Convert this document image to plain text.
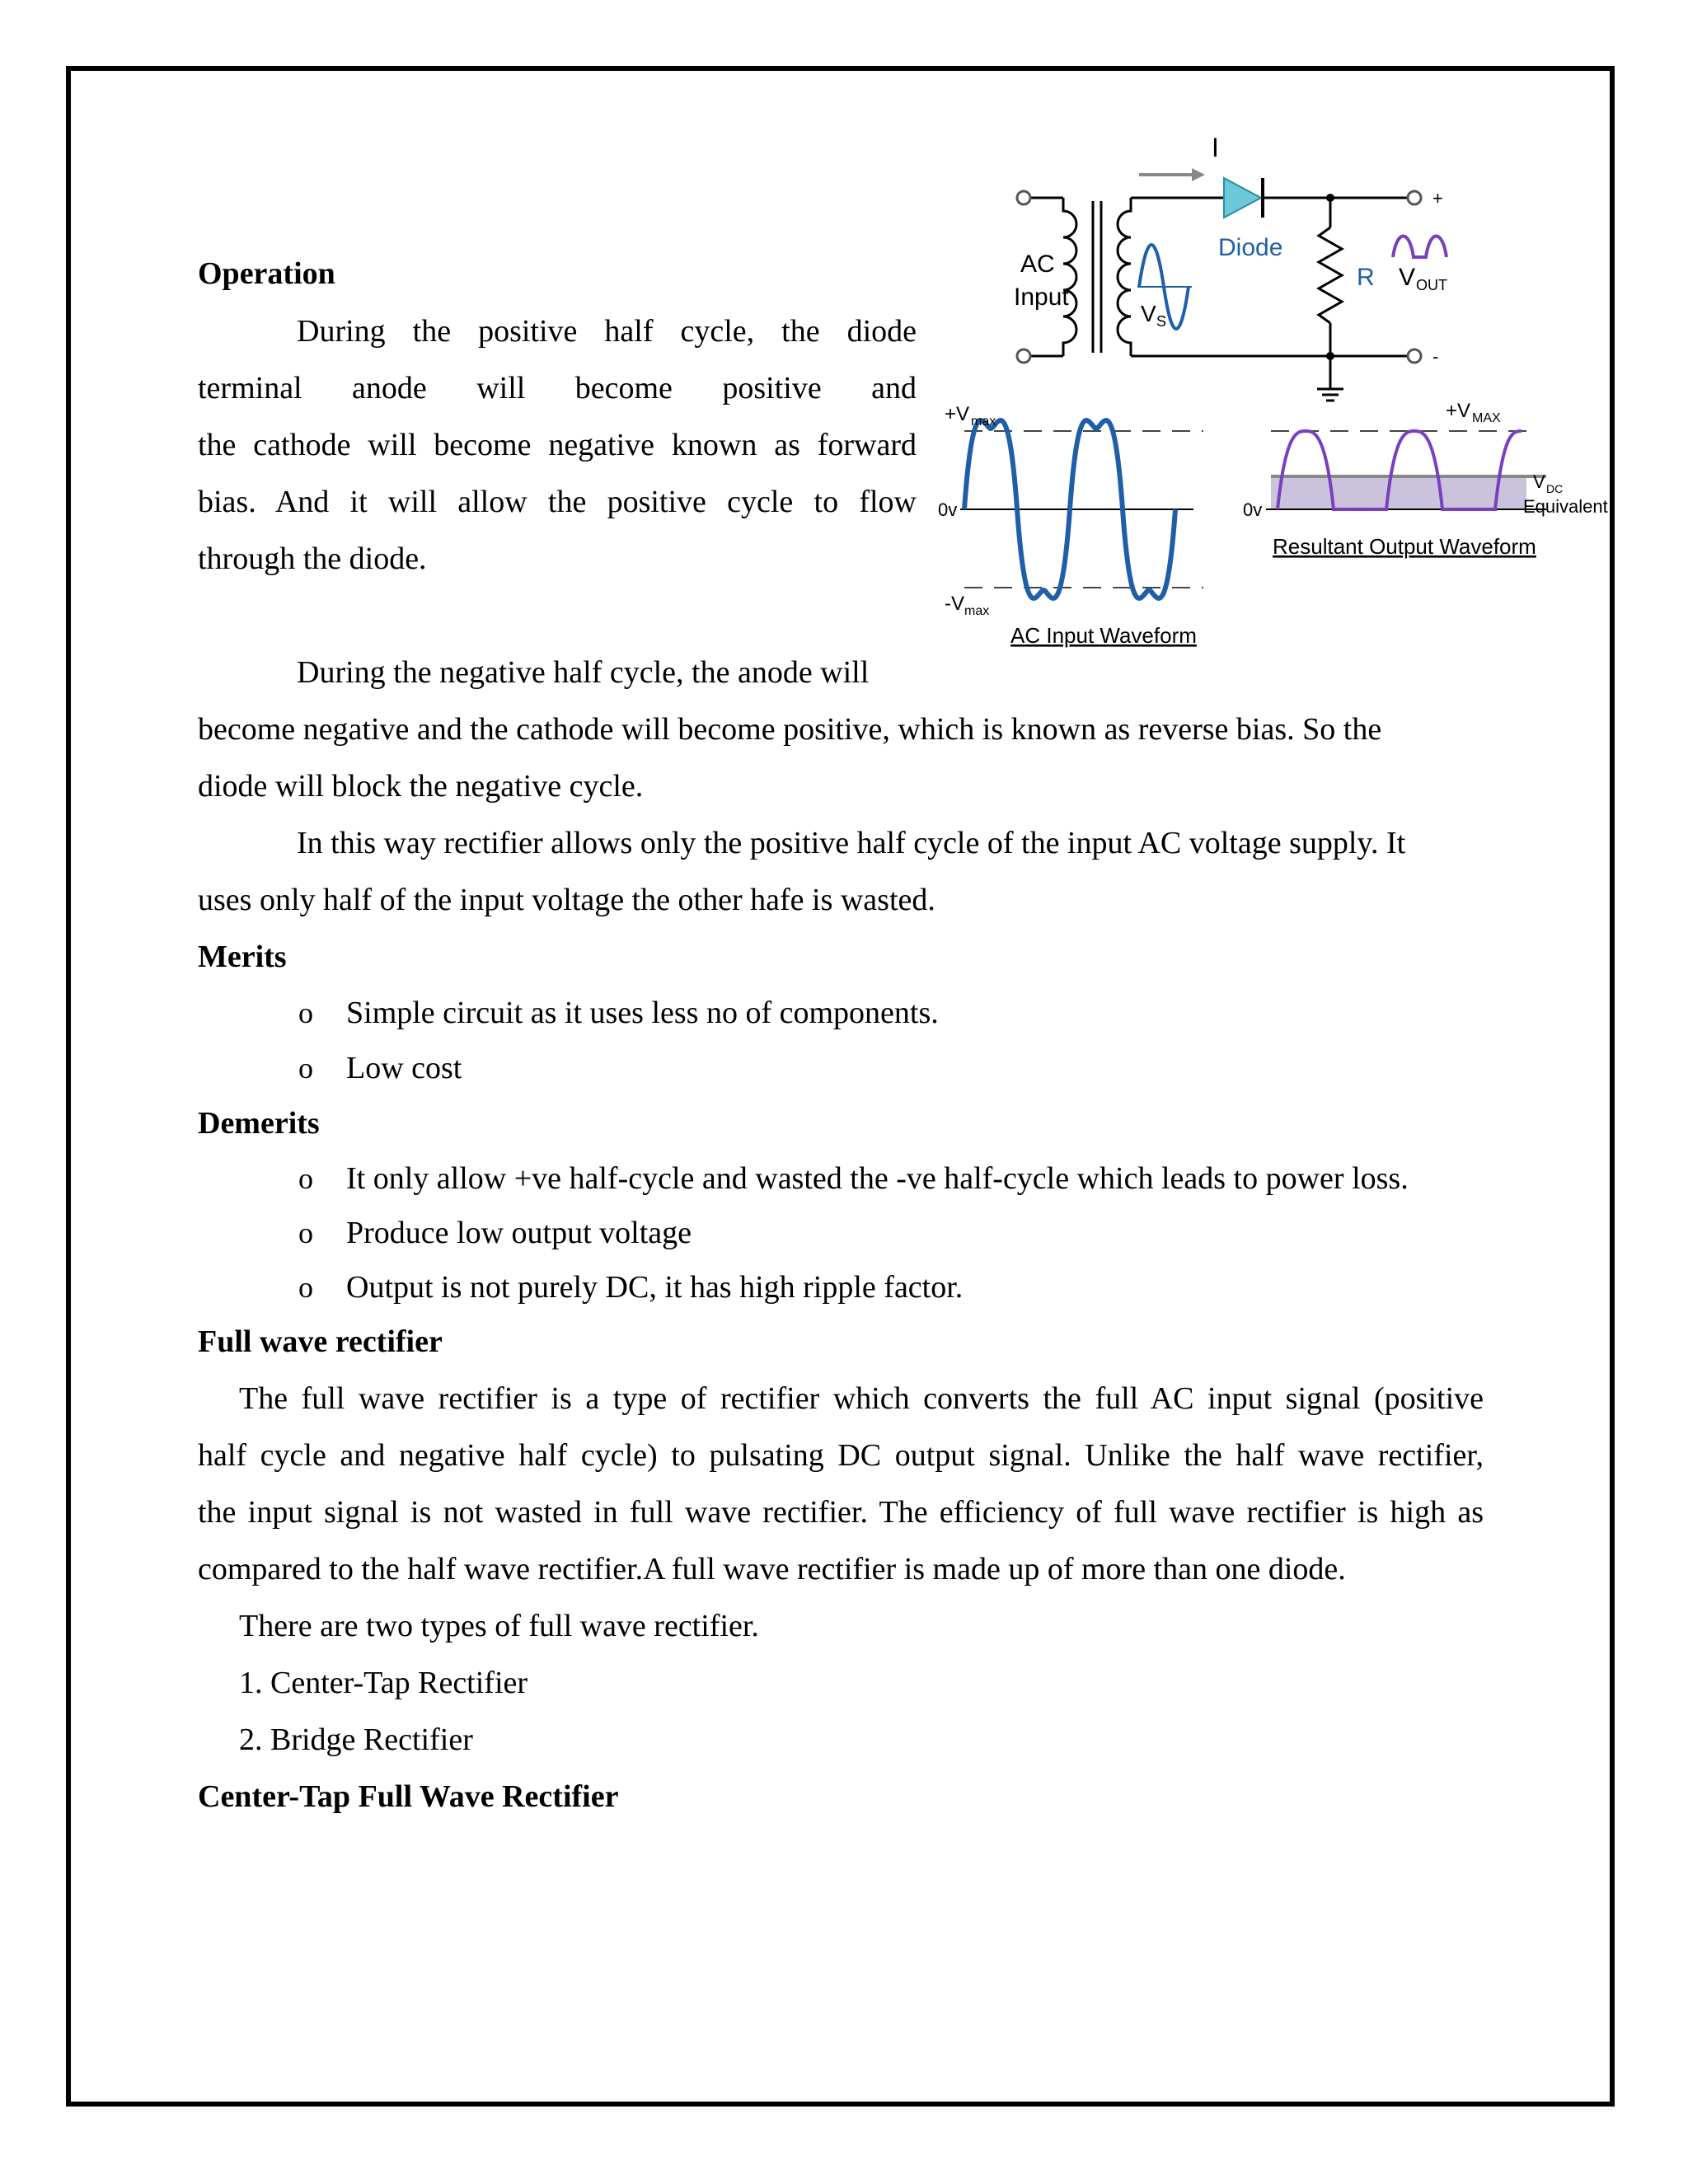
Operation
During the positive half cycle, the diode
terminal anode will become positive and
the cathode will become negative known as forward
bias. And it will allow the positive cycle to flow
through the diode.
During the negative half cycle, the anode will
become negative and the cathode will become positive, which is known as reverse bias. So the
diode will block the negative cycle.
In this way rectifier allows only the positive half cycle of the input AC voltage supply. It
uses only half of the input voltage the other hafe is wasted.
Merits
o Simple circuit as it uses less no of components.
o Low cost
Demerits
o It only allow +ve half-cycle and wasted the -ve half-cycle which leads to power loss.
o Produce low output voltage
o Output is not purely DC, it has high ripple factor.
Full wave rectifier
The full wave rectifier is a type of rectifier which converts the full AC input signal (positive
half cycle and negative half cycle) to pulsating DC output signal. Unlike the half wave rectifier,
the input signal is not wasted in full wave rectifier. The efficiency of full wave rectifier is high as
compared to the half wave rectifier.A full wave rectifier is made up of more than one diode.
There are two types of full wave rectifier.
1. Center-Tap Rectifier
2. Bridge Rectifier
Center-Tap Full Wave Rectifier
I
Diode
AC
Input
V S
R V OUT
+
-
+V max
0v
-V max
AC Input Waveform
+V MAX
0v
V DC
Equivalent
Resultant Output Waveform
